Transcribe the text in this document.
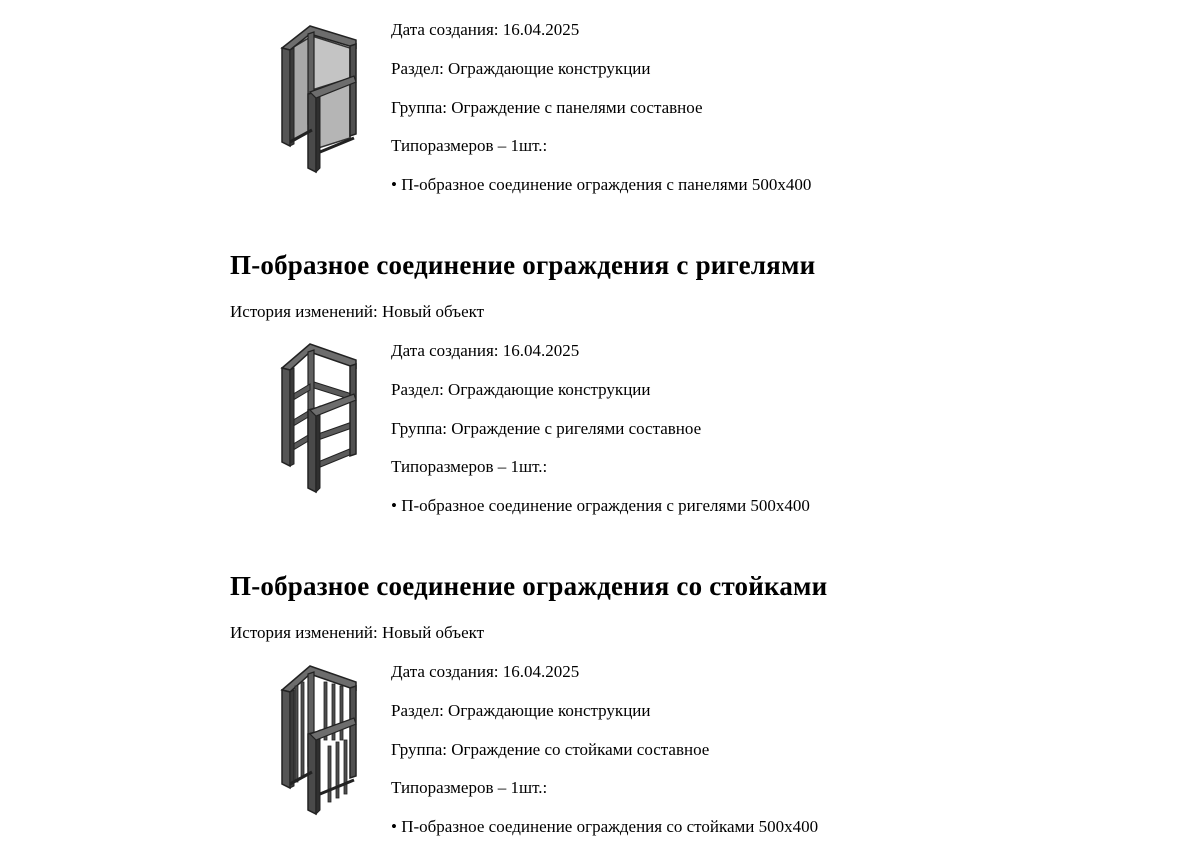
Дата создания: 16.04.2025
Раздел: Ограждающие конструкции
Группа: Ограждение с панелями составное
Типоразмеров – 1шт.:
• П-образное соединение ограждения с панелями 500х400
П-образное соединение ограждения с ригелями
История изменений: Новый объект
Дата создания: 16.04.2025
Раздел: Ограждающие конструкции
Группа: Ограждение с ригелями составное
Типоразмеров – 1шт.:
• П-образное соединение ограждения с ригелями 500х400
П-образное соединение ограждения со стойками
История изменений: Новый объект
Дата создания: 16.04.2025
Раздел: Ограждающие конструкции
Группа: Ограждение со стойками составное
Типоразмеров – 1шт.:
• П-образное соединение ограждения со стойками 500х400
